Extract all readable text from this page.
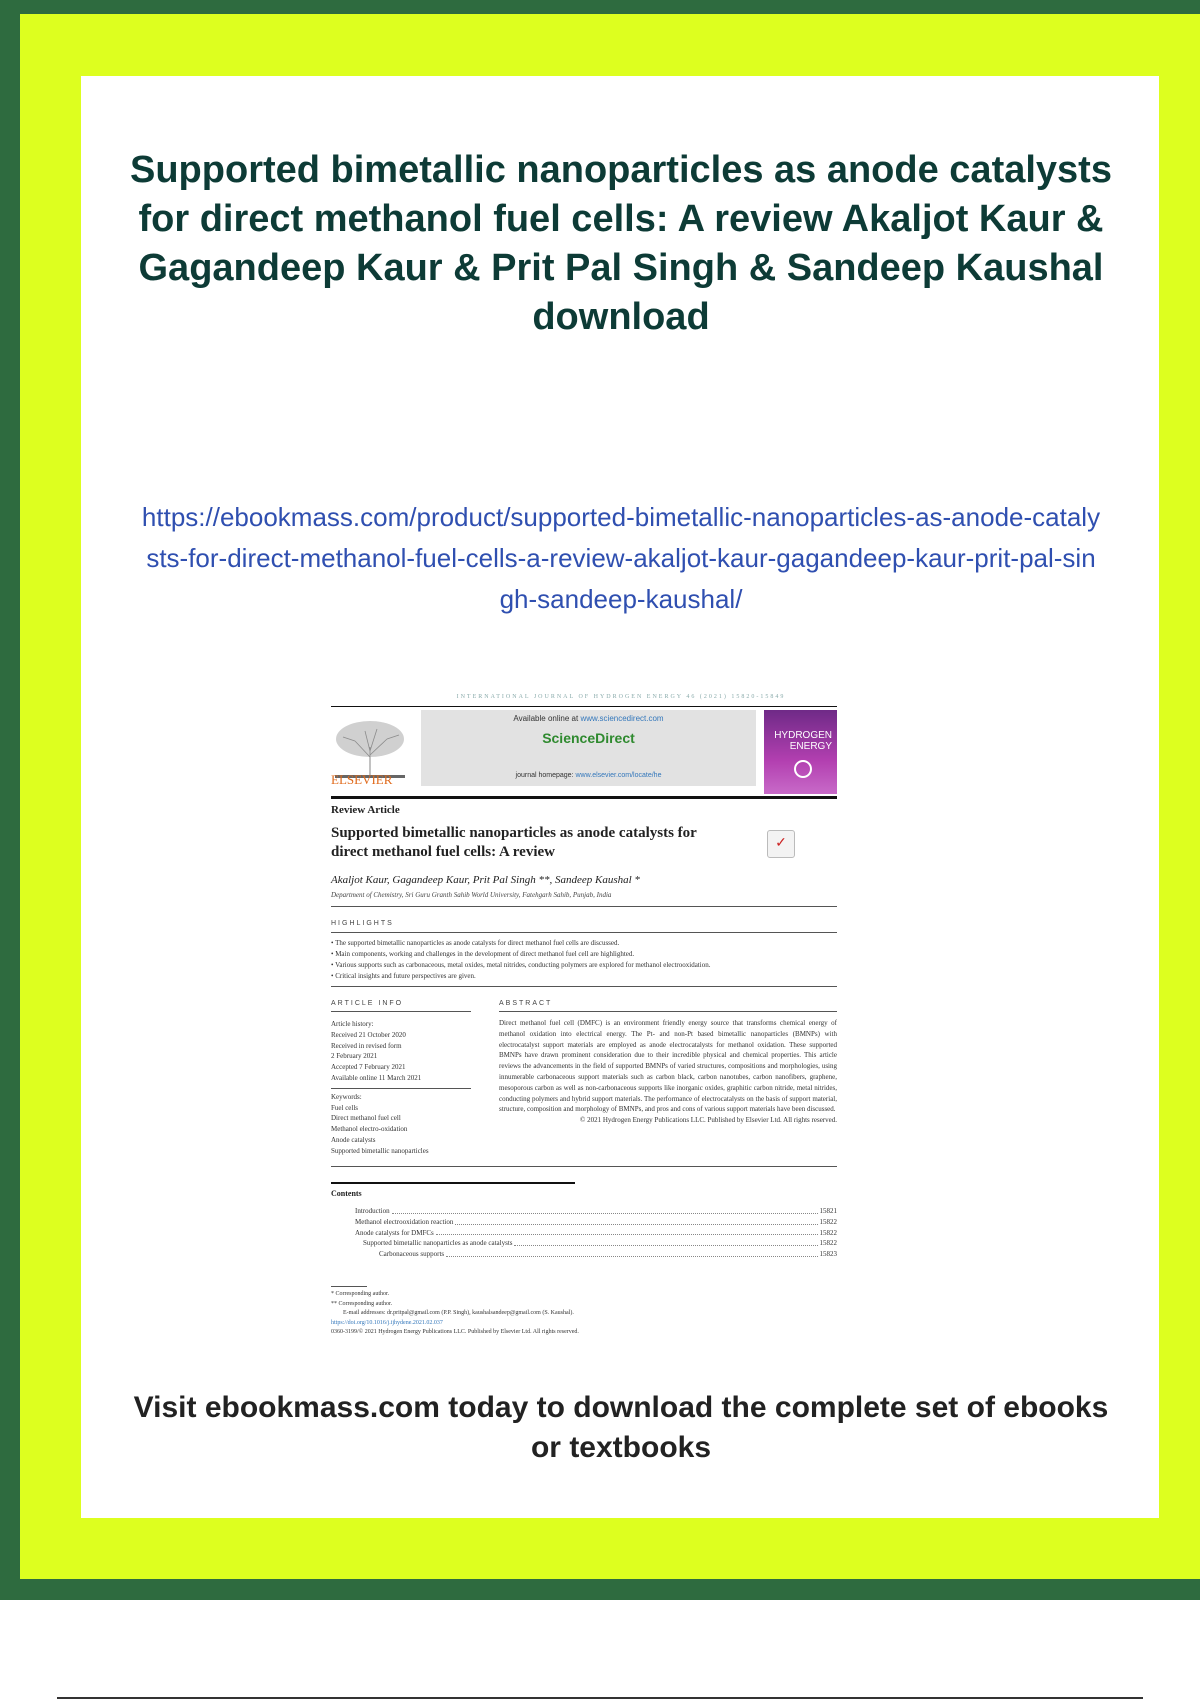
Supported bimetallic nanoparticles as anode catalysts for direct methanol fuel cells: A review Akaljot Kaur & Gagandeep Kaur & Prit Pal Singh & Sandeep Kaushal download
https://ebookmass.com/product/supported-bimetallic-nanoparticles-as-anode-catalysts-for-direct-methanol-fuel-cells-a-review-akaljot-kaur-gagandeep-kaur-prit-pal-singh-sandeep-kaushal/
INTERNATIONAL JOURNAL OF HYDROGEN ENERGY 46 (2021) 15820-15849
ELSEVIER
Available online at www.sciencedirect.com
ScienceDirect
journal homepage: www.elsevier.com/locate/he
HYDROGEN ENERGY
Review Article
Supported bimetallic nanoparticles as anode catalysts for direct methanol fuel cells: A review
✓
Akaljot Kaur, Gagandeep Kaur, Prit Pal Singh **, Sandeep Kaushal *
Department of Chemistry, Sri Guru Granth Sahib World University, Fatehgarh Sahib, Punjab, India
HIGHLIGHTS
• The supported bimetallic nanoparticles as anode catalysts for direct methanol fuel cells are discussed.
• Main components, working and challenges in the development of direct methanol fuel cell are highlighted.
• Various supports such as carbonaceous, metal oxides, metal nitrides, conducting polymers are explored for methanol electrooxidation.
• Critical insights and future perspectives are given.
ARTICLE INFO	ABSTRACT
Article history:
Received 21 October 2020
Received in revised form
2 February 2021
Accepted 7 February 2021
Available online 11 March 2021
Keywords:
Fuel cells
Direct methanol fuel cell
Methanol electro-oxidation
Anode catalysts
Supported bimetallic nanoparticles
Direct methanol fuel cell (DMFC) is an environment friendly energy source that transforms chemical energy of methanol oxidation into electrical energy. The Pt- and non-Pt based bimetallic nanoparticles (BMNPs) with electrocatalyst support materials are employed as anode electrocatalysts for methanol oxidation. These supported BMNPs have drawn prominent consideration due to their incredible physical and chemical properties. This article reviews the advancements in the field of supported BMNPs of varied structures, compositions and morphologies, using innumerable carbonaceous support materials such as carbon black, carbon nanotubes, carbon nanofibers, graphene, mesoporous carbon as well as non-carbonaceous supports like inorganic oxides, graphitic carbon nitride, metal nitrides, conducting polymers and hybrid support materials. The performance of electrocatalysts on the basis of support material, structure, composition and morphology of BMNPs, and pros and cons of various support materials have been discussed.
© 2021 Hydrogen Energy Publications LLC. Published by Elsevier Ltd. All rights reserved.
Contents
Introduction	15821
Methanol electrooxidation reaction	15822
Anode catalysts for DMFCs	15822
Supported bimetallic nanoparticles as anode catalysts	15822
Carbonaceous supports	15823
* Corresponding author.
** Corresponding author.
E-mail addresses: dr.pritpal@gmail.com (P.P. Singh), kaushalsandeep@gmail.com (S. Kaushal).
https://doi.org/10.1016/j.ijhydene.2021.02.037
0360-3199/© 2021 Hydrogen Energy Publications LLC. Published by Elsevier Ltd. All rights reserved.

Visit ebookmass.com today to download the complete set of ebooks or textbooks
